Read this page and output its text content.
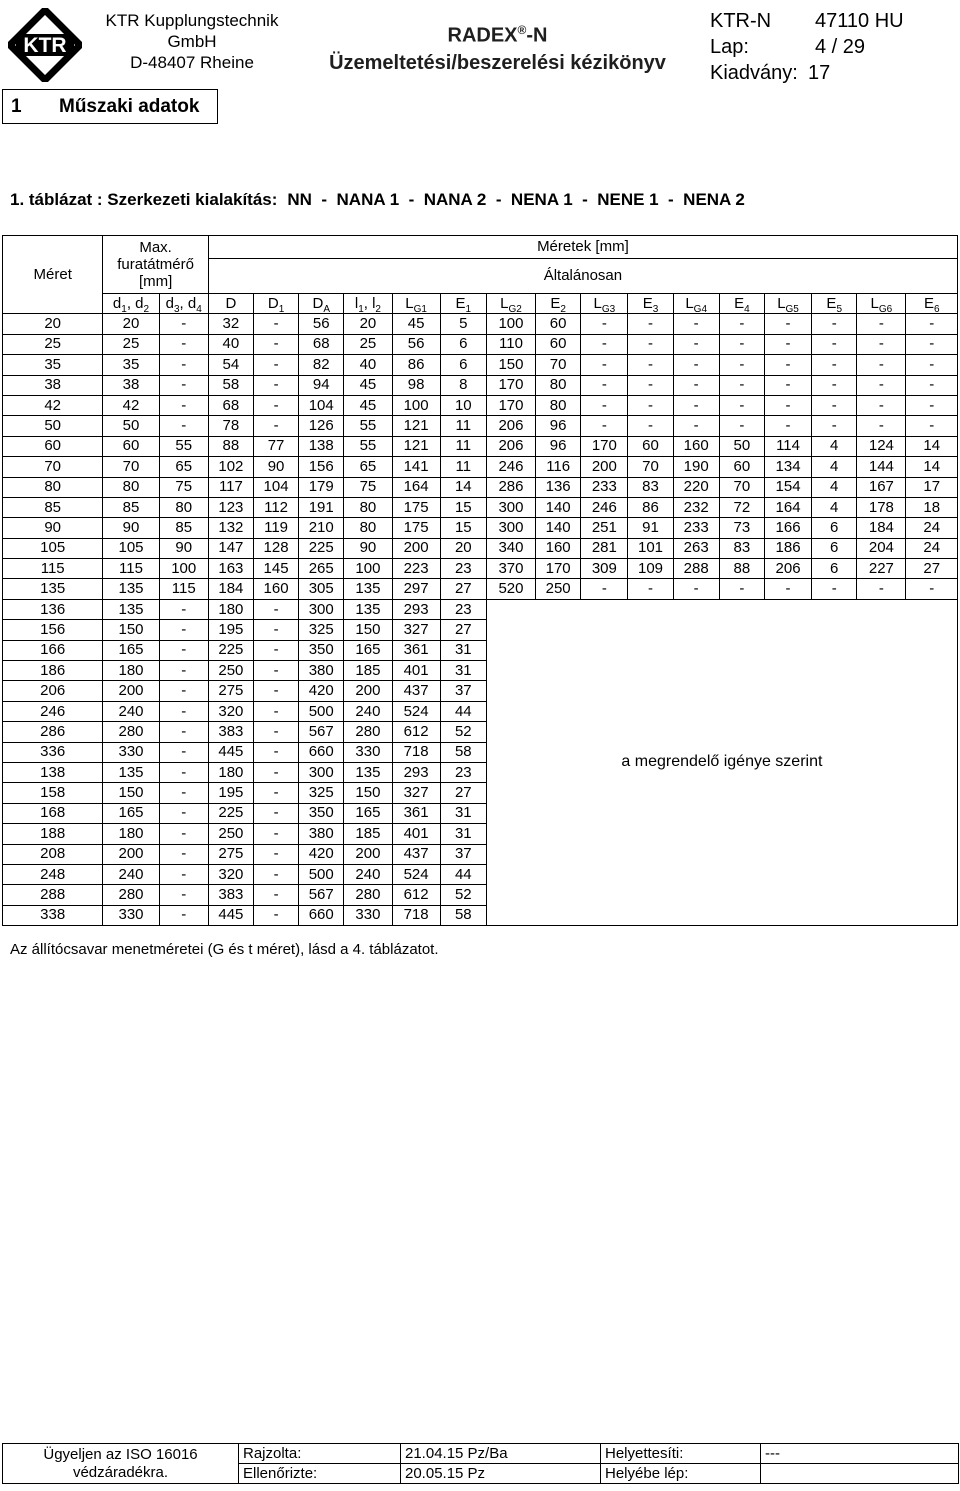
KTR
KTR Kupplungstechnik
GmbH
D-48407 Rheine
RADEX®-N
Üzemeltetési/beszerelési kézikönyv
KTR-N 47110 HU
Lap:	4 / 29
Kiadvány: 17
1 Műszaki adatok
1. táblázat : Szerkezeti kialakítás: NN  -  NANA 1  -  NANA 2  -  NENA 1  -  NENE 1  -  NENA 2
Méret	Max.
furatátmérő
[mm]		Méretek [mm]															
			Általánosan															
	$d_1$, $d_2$	$d_3$, $d_4$	D	$D_1$	$D_A$	$l_1$, $l_2$	$L_{G1}$	$E_1$	$L_{G2}$	$E_2$	$L_{G3}$	$E_3$	$L_{G4}$	$E_4$	$L_{G5}$	$E_5$	$L_{G6}$	$E_6$
20	20	-	32	-	56	20	45	5	100	60	-	-	-	-	-	-	-	-
25	25	-	40	-	68	25	56	6	110	60	-	-	-	-	-	-	-	-
35	35	-	54	-	82	40	86	6	150	70	-	-	-	-	-	-	-	-
38	38	-	58	-	94	45	98	8	170	80	-	-	-	-	-	-	-	-
42	42	-	68	-	104	45	100	10	170	80	-	-	-	-	-	-	-	-
50	50	-	78	-	126	55	121	11	206	96	-	-	-	-	-	-	-	-
60	60	55	88	77	138	55	121	11	206	96	170	60	160	50	114	4	124	14
70	70	65	102	90	156	65	141	11	246	116	200	70	190	60	134	4	144	14
80	80	75	117	104	179	75	164	14	286	136	233	83	220	70	154	4	167	17
85	85	80	123	112	191	80	175	15	300	140	246	86	232	72	164	4	178	18
90	90	85	132	119	210	80	175	15	300	140	251	91	233	73	166	6	184	24
105	105	90	147	128	225	90	200	20	340	160	281	101	263	83	186	6	204	24
115	115	100	163	145	265	100	223	23	370	170	309	109	288	88	206	6	227	27
135	135	115	184	160	305	135	297	27	520	250	-	-	-	-	-	-	-	-
136	135	-	180	-	300	135	293	23	a megrendelő igénye szerint									
156	150	-	195	-	325	150	327	27										
166	165	-	225	-	350	165	361	31										
186	180	-	250	-	380	185	401	31										
206	200	-	275	-	420	200	437	37										
246	240	-	320	-	500	240	524	44										
286	280	-	383	-	567	280	612	52										
336	330	-	445	-	660	330	718	58										
138	135	-	180	-	300	135	293	23										
158	150	-	195	-	325	150	327	27										
168	165	-	225	-	350	165	361	31										
188	180	-	250	-	380	185	401	31										
208	200	-	275	-	420	200	437	37										
248	240	-	320	-	500	240	524	44										
288	280	-	383	-	567	280	612	52										
338	330	-	445	-	660	330	718	58										
Az állítócsavar menetméretei (G és t méret), lásd a 4. táblázatot.
Ügyeljen az ISO 16016
védzáradékra.	Rajzolta:	21.04.15 Pz/Ba	Helyettesíti:	---
	Ellenőrizte:	20.05.15 Pz	Helyébe lép:	
